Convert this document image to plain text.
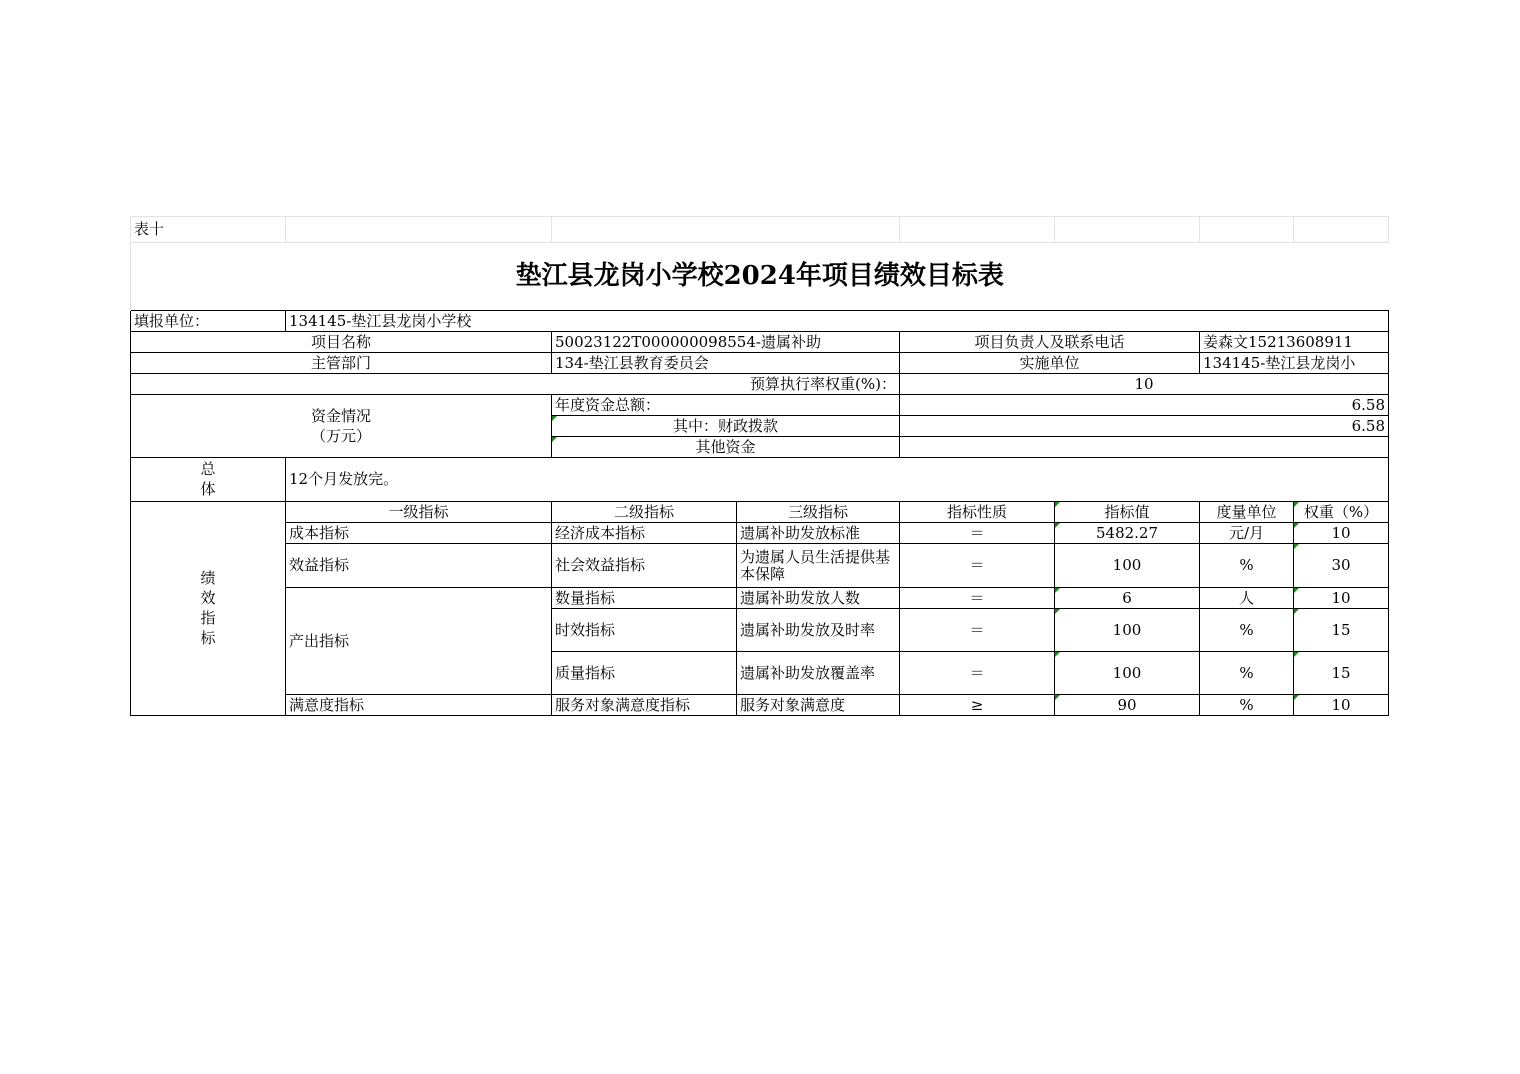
表十							
垫江县龙岗小学校2024年项目绩效目标表							
填报单位：	134145-垫江县龙岗小学校						
项目名称		50023122T000000098554-遗属补助		项目负责人及联系电话		姜森文15213608911	
主管部门		134-垫江县教育委员会		实施单位		134145-垫江县龙岗小	
预算执行率权重(%)：				10			

资金情况
（万元）		年度资金总额：		6.58			
		其中：财政拨款		6.58			
		其他资金					

总
体	12个月发放完。						

绩
效
指
标	一级指标	二级指标	三级指标	指标性质	指标值	度量单位	权重（%）
	成本指标	经济成本指标	遗属补助发放标准	＝	5482.27	元/月	10
	效益指标	社会效益指标	为遗属人员生活提供基本保障	＝	100	%	30
	产出指标	数量指标	遗属补助发放人数	＝	6	人	10
		时效指标	遗属补助发放及时率	＝	100	%	15
		质量指标	遗属补助发放覆盖率	＝	100	%	15
	满意度指标	服务对象满意度指标	服务对象满意度	≥	90	%	10
